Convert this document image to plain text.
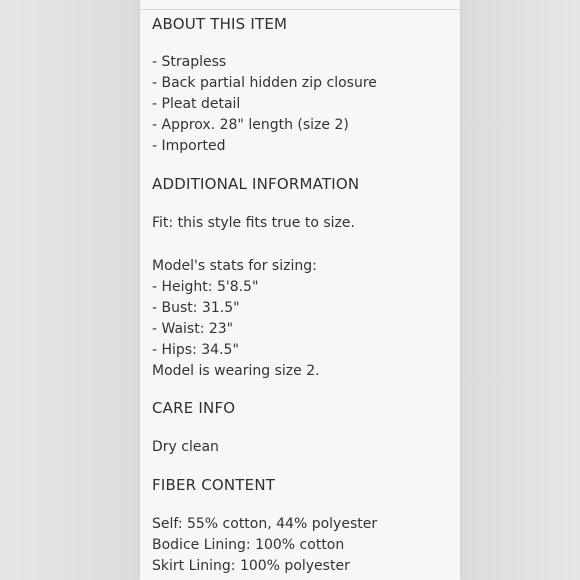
ABOUT THIS ITEM

- Strapless

- Back partial hidden zip closure

- Pleat detail

- Approx. 28" length (size 2)

- Imported

ADDITIONAL INFORMATION

Fit: this style fits true to size.

Model's stats for sizing:

- Height: 5'8.5"

- Bust: 31.5"

- Waist: 23"

- Hips: 34.5"

Model is wearing size 2.

CARE INFO

Dry clean

FIBER CONTENT

Self: 55% cotton, 44% polyester

Bodice Lining: 100% cotton

Skirt Lining: 100% polyester
